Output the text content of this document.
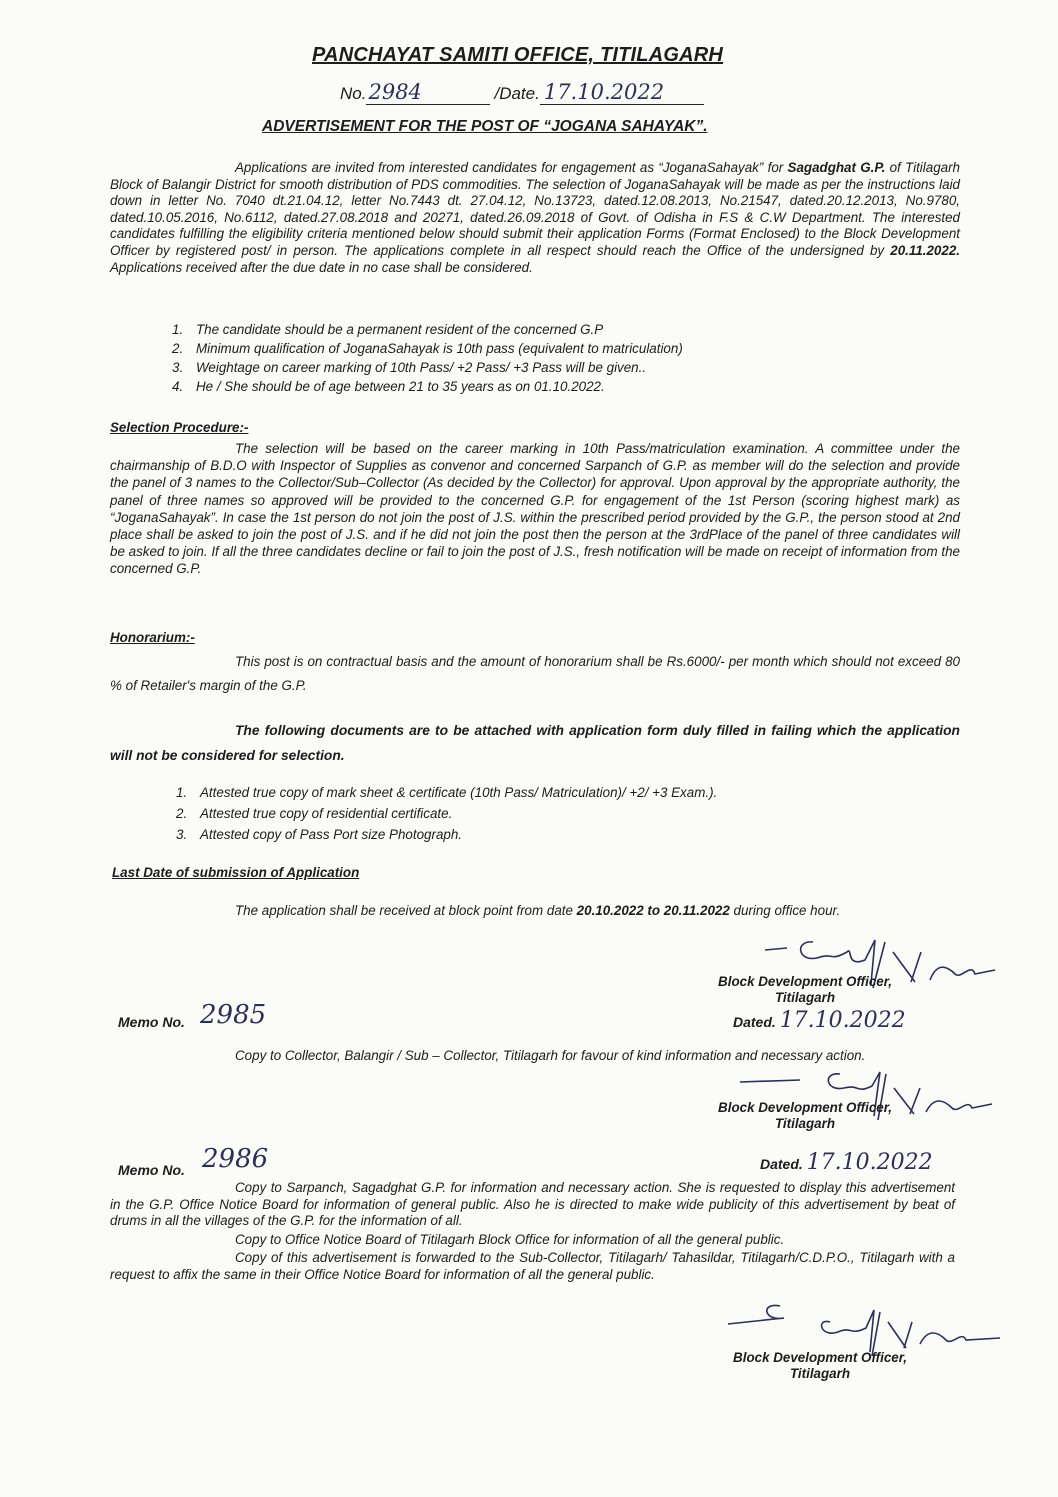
PANCHAYAT SAMITI OFFICE, TITILAGARH
No.2984	/Date. 17.10.2022
ADVERTISEMENT FOR THE POST OF “JOGANA SAHAYAK”.
Applications are invited from interested candidates for engagement as “JoganaSahayak” for Sagadghat G.P. of Titilagarh Block of Balangir District for smooth distribution of PDS commodities. The selection of JoganaSahayak will be made as per the instructions laid down in letter No. 7040 dt.21.04.12, letter No.7443 dt. 27.04.12, No.13723, dated.12.08.2013, No.21547, dated.20.12.2013, No.9780, dated.10.05.2016, No.6112, dated.27.08.2018 and 20271, dated.26.09.2018 of Govt. of Odisha in F.S & C.W Department. The interested candidates fulfilling the eligibility criteria mentioned below should submit their application Forms (Format Enclosed) to the Block Development Officer by registered post/ in person. The applications complete in all respect should reach the Office of the undersigned by 20.11.2022. Applications received after the due date in no case shall be considered.
1. The candidate should be a permanent resident of the concerned G.P
2. Minimum qualification of JoganaSahayak is 10th pass (equivalent to matriculation)
3. Weightage on career marking of 10th Pass/ +2 Pass/ +3 Pass will be given..
4. He / She should be of age between 21 to 35 years as on 01.10.2022.
Selection Procedure:-
The selection will be based on the career marking in 10th Pass/matriculation examination. A committee under the chairmanship of B.D.O with Inspector of Supplies as convenor and concerned Sarpanch of G.P. as member will do the selection and provide the panel of 3 names to the Collector/Sub–Collector (As decided by the Collector) for approval. Upon approval by the appropriate authority, the panel of three names so approved will be provided to the concerned G.P. for engagement of the 1st Person (scoring highest mark) as “JoganaSahayak”. In case the 1st person do not join the post of J.S. within the prescribed period provided by the G.P., the person stood at 2nd place shall be asked to join the post of J.S. and if he did not join the post then the person at the 3rdPlace of the panel of three candidates will be asked to join. If all the three candidates decline or fail to join the post of J.S., fresh notification will be made on receipt of information from the concerned G.P.
Honorarium:-
This post is on contractual basis and the amount of honorarium shall be Rs.6000/- per month which should not exceed 80 % of Retailer's margin of the G.P.
The following documents are to be attached with application form duly filled in failing which the application will not be considered for selection.
1. Attested true copy of mark sheet & certificate (10th Pass/ Matriculation)/ +2/ +3 Exam.).
2. Attested true copy of residential certificate.
3. Attested copy of Pass Port size Photograph.
Last Date of submission of Application
The application shall be received at block point from date 20.10.2022 to 20.11.2022 during office hour.
Block Development Officer,
Titilagarh
Dated. 17.10.2022
Memo No. 2985
Copy to Collector, Balangir / Sub – Collector, Titilagarh for favour of kind information and necessary action.
Block Development Officer,
Titilagarh
Memo No. 2986	Dated. 17.10.2022
Copy to Sarpanch, Sagadghat G.P. for information and necessary action. She is requested to display this advertisement in the G.P. Office Notice Board for information of general public. Also he is directed to make wide publicity of this advertisement by beat of drums in all the villages of the G.P. for the information of all.
Copy to Office Notice Board of Titilagarh Block Office for information of all the general public.
Copy of this advertisement is forwarded to the Sub-Collector, Titilagarh/ Tahasildar, Titilagarh/C.D.P.O., Titilagarh with a request to affix the same in their Office Notice Board for information of all the general public.
Block Development Officer,
Titilagarh
